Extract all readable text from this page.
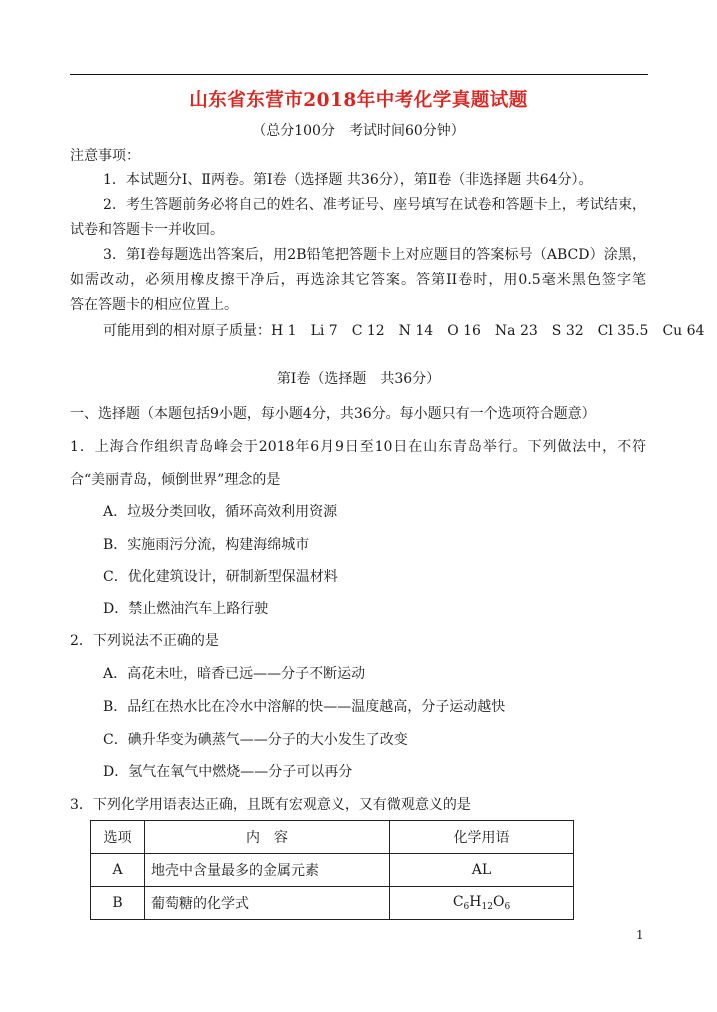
山东省东营市2018年中考化学真题试题
（总分100分　考试时间60分钟）
注意事项：
1．本试题分Ⅰ、Ⅱ两卷。第Ⅰ卷（选择题 共36分），第Ⅱ卷（非选择题 共64分）。
2．考生答题前务必将自己的姓名、准考证号、座号填写在试卷和答题卡上，考试结束，
试卷和答题卡一并收回。
3．第Ⅰ卷每题选出答案后，用2B铅笔把答题卡上对应题目的答案标号（ABCD）涂黑，
如需改动，必须用橡皮擦干净后，再选涂其它答案。答第II卷时，用0.5毫米黑色签字笔
答在答题卡的相应位置上。
可能用到的相对原子质量：H 1　Li 7　C 12　N 14　O 16　Na 23　S 32　Cl 35.5　Cu 64
第Ⅰ卷（选择题　共36分）
一、选择题（本题包括9小题，每小题4分，共36分。每小题只有一个选项符合题意）
1．上海合作组织青岛峰会于2018年6月9日至10日在山东青岛举行。下列做法中，不符
合“美丽青岛，倾倒世界”理念的是
A．垃圾分类回收，循环高效利用资源
B．实施雨污分流，构建海绵城市
C．优化建筑设计，研制新型保温材料
D．禁止燃油汽车上路行驶
2．下列说法不正确的是
A．高花未吐，暗香已远——分子不断运动
B．品红在热水比在冷水中溶解的快——温度越高，分子运动越快
C．碘升华变为碘蒸气——分子的大小发生了改变
D．氢气在氧气中燃烧——分子可以再分
3．下列化学用语表达正确，且既有宏观意义，又有微观意义的是
选项	内　容	化学用语
A	地壳中含量最多的金属元素	AL
B	葡萄糖的化学式	$C_6H_{12}O_6$
1
